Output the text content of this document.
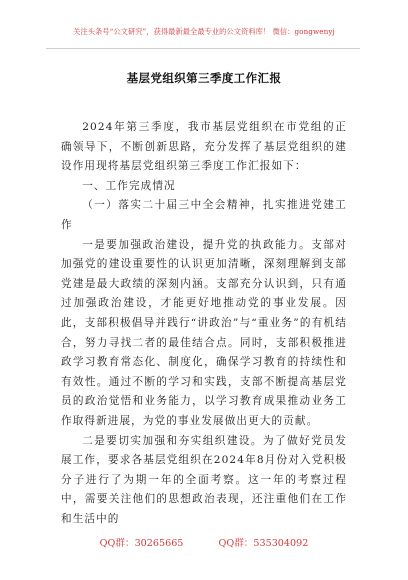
关注头条号“公文研究”，获得最新最全最专业的公文资料库！ 微信：gongwenyj
基层党组织第三季度工作汇报

2024年第三季度，我市基层党组织在市党组的正确领导下，不断创新思路，充分发挥了基层党组织的建设作用现将基层党组织第三季度工作汇报如下：

一、工作完成情况

（一）落实二十届三中全会精神，扎实推进党建工作

一是要加强政治建设，提升党的执政能力。支部对加强党的建设重要性的认识更加清晰，深刻理解到支部党建是最大政绩的深刻内涵。支部充分认识到，只有通过加强政治建设，才能更好地推动党的事业发展。因此，支部积极倡导并践行“讲政治”与“重业务”的有机结合，努力寻找二者的最佳结合点。同时，支部积极推进政学习教育常态化、制度化，确保学习教育的持续性和有效性。通过不断的学习和实践，支部不断提高基层党员的政治觉悟和业务能力，以学习教育成果推动业务工作取得新进展，为党的事业发展做出更大的贡献。

二是要切实加强和夯实组织建设。为了做好党员发展工作，要求各基层党组织在2024年8月份对入党积极分子进行了为期一年的全面考察。这一年的考察过程中，需要关注他们的思想政治表现，还注重他们在工作和生活中的

QQ群：30265665	QQ群：535304092
